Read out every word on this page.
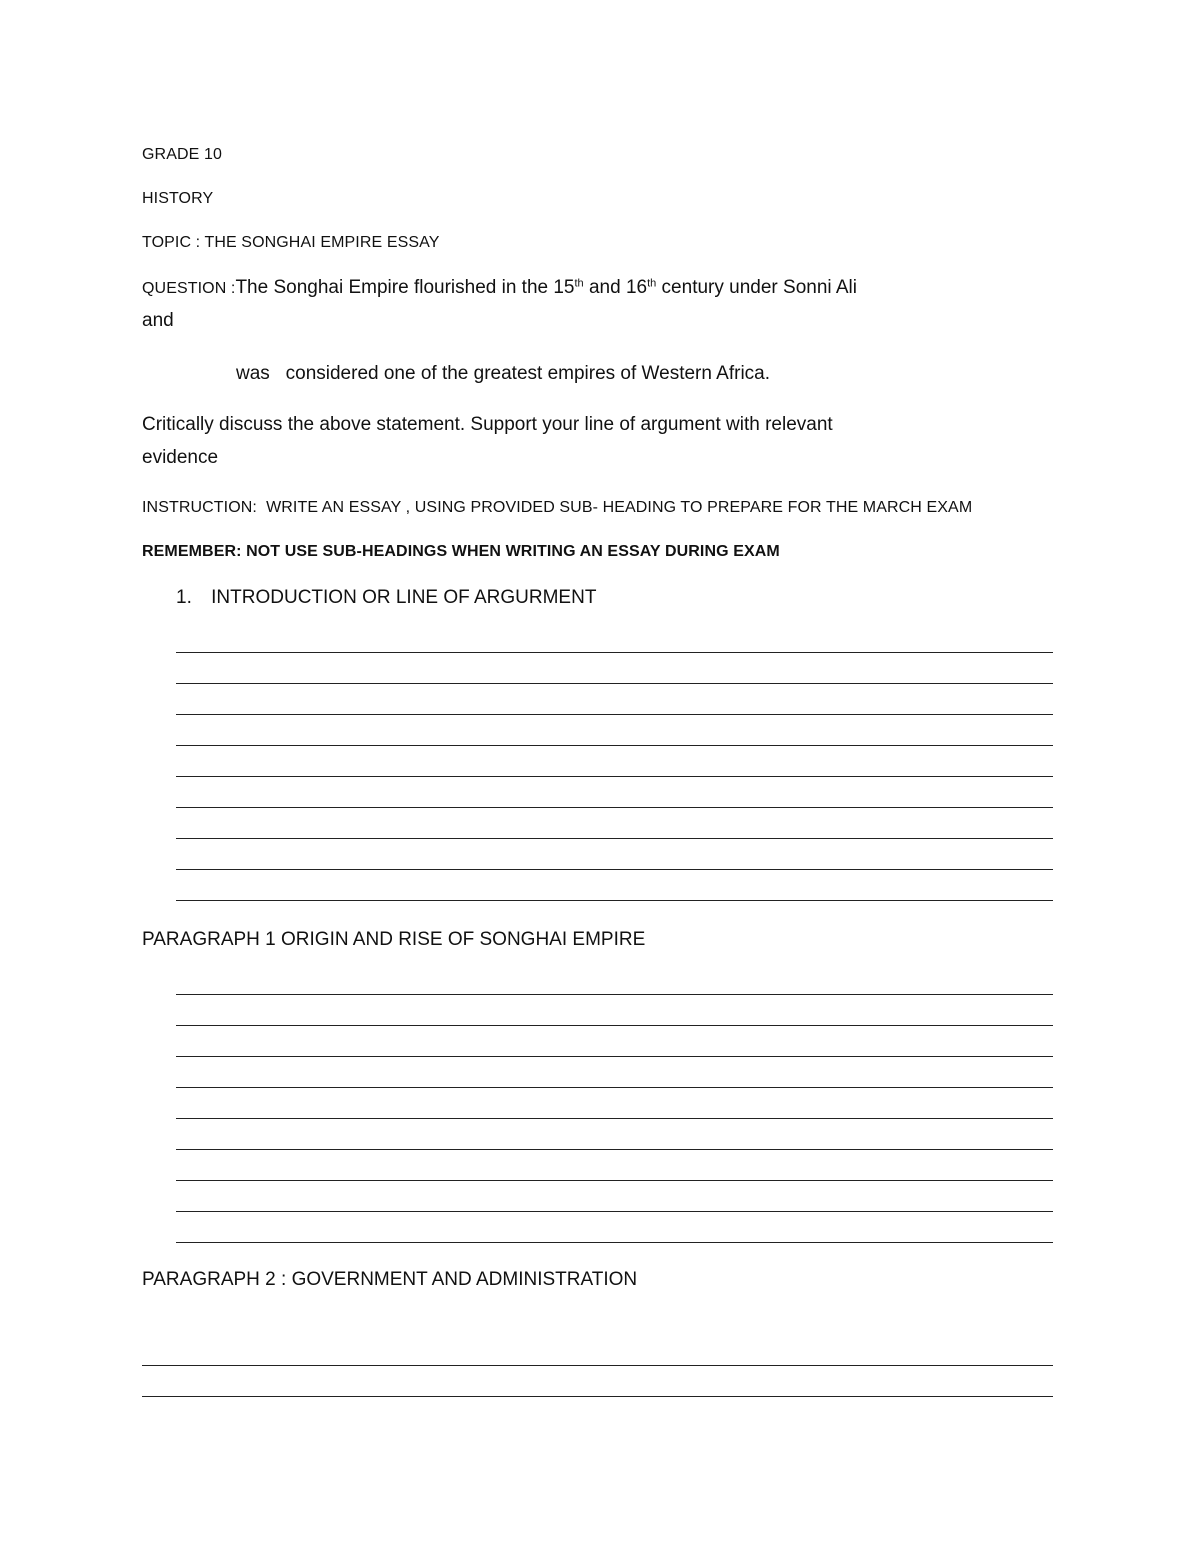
GRADE 10
HISTORY
TOPIC : THE SONGHAI EMPIRE ESSAY
QUESTION :The Songhai Empire flourished in the 15th and 16th century under Sonni Ali
and
was   considered one of the greatest empires of Western Africa.
Critically discuss the above statement. Support your line of argument with relevant
evidence
INSTRUCTION:  WRITE AN ESSAY , USING PROVIDED SUB- HEADING TO PREPARE FOR THE MARCH EXAM
REMEMBER: NOT USE SUB-HEADINGS WHEN WRITING AN ESSAY DURING EXAM
1. INTRODUCTION OR LINE OF ARGURMENT
PARAGRAPH 1 ORIGIN AND RISE OF SONGHAI EMPIRE
PARAGRAPH 2 : GOVERNMENT AND ADMINISTRATION
